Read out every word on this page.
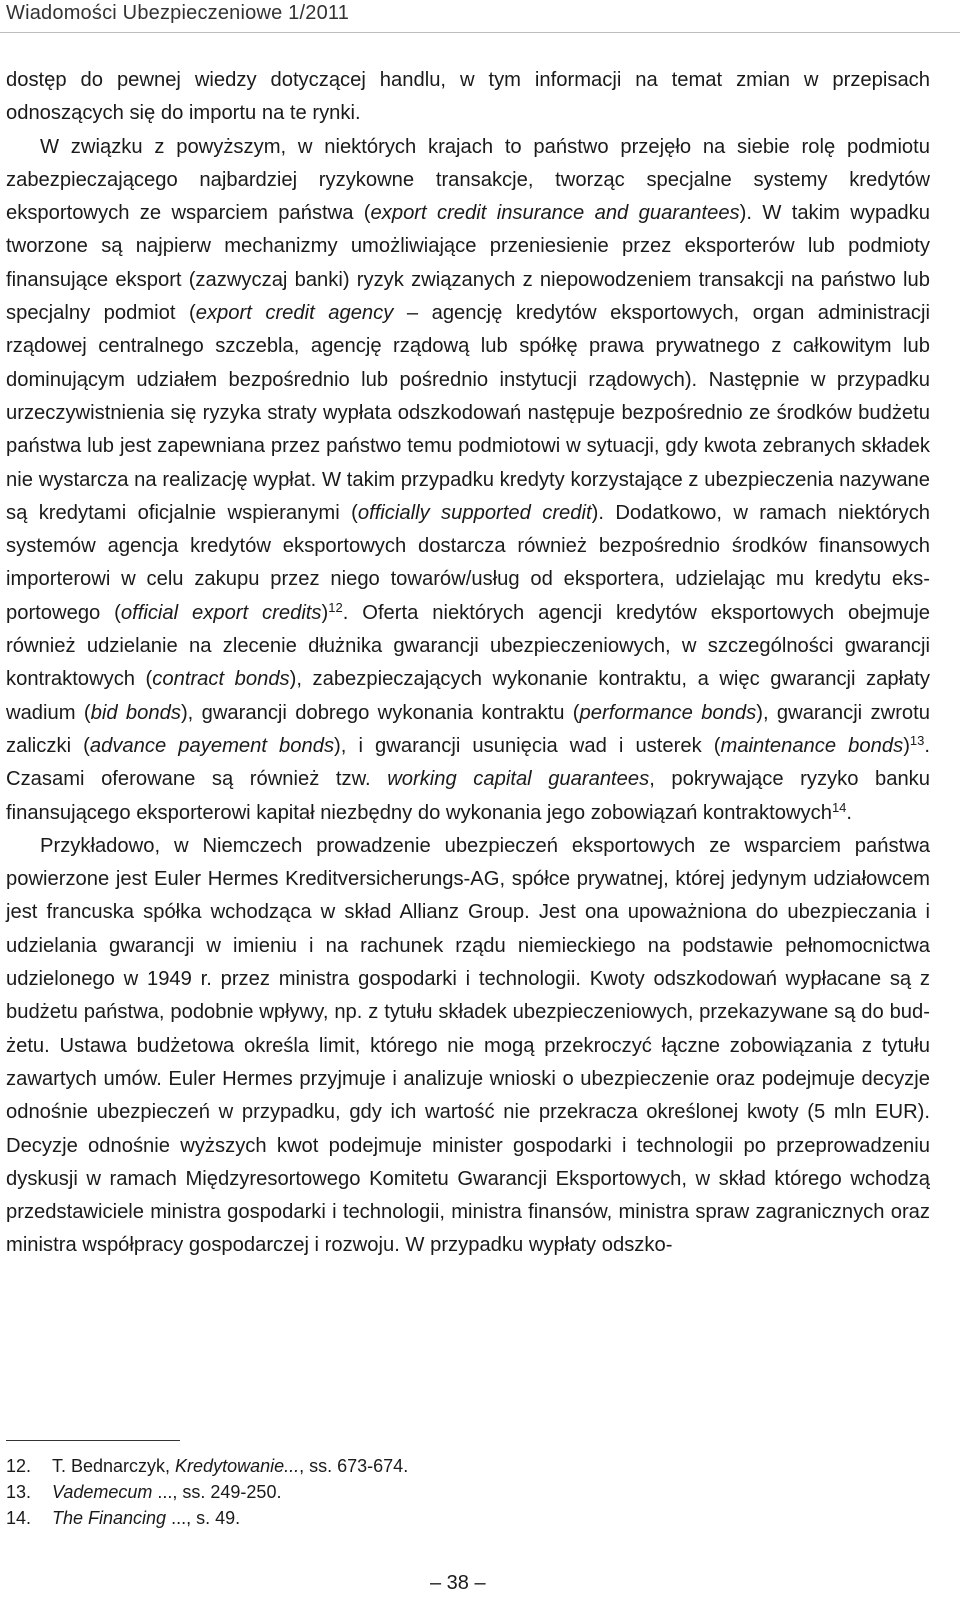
Wiadomości Ubezpieczeniowe 1/2011

dostęp do pewnej wiedzy dotyczącej handlu, w tym informacji na temat zmian w przepisach odnoszących się do importu na te rynki.

W związku z powyższym, w niektórych krajach to państwo przejęło na siebie rolę podmiotu zabezpieczającego najbardziej ryzykowne transakcje, tworząc specjalne systemy kredytów eksportowych ze wsparciem państwa (export credit insurance and guarantees). W takim wypadku tworzone są najpierw mechanizmy umożliwiające przeniesienie przez eksporterów lub podmioty finansujące eksport (zazwyczaj banki) ryzyk związanych z niepowodzeniem transakcji na państwo lub specjalny podmiot (export credit agency – agencję kredytów eksportowych, organ administracji rządowej centralnego szczebla, agencję rządową lub spółkę prawa prywatnego z całkowitym lub dominującym udziałem bezpośrednio lub pośrednio instytucji rządowych). Następnie w przypadku urzeczywistnienia się ryzyka straty wypłata odszkodowań następuje bezpośrednio ze środków budżetu państwa lub jest zapewniana przez państwo temu podmiotowi w sytuacji, gdy kwota zebranych składek nie wystarcza na realizację wypłat. W takim przypadku kredyty korzystające z ubezpieczenia nazywane są kredytami oficjalnie wspieranymi (officially supported credit). Dodatkowo, w ramach niektórych systemów agencja kredytów eksportowych dostarcza również bezpośrednio środków finansowych importerowi w celu zakupu przez niego towarów/usług od eksportera, udzielając mu kredytu eksportowego (official export credits)$^{12}$. Oferta niektórych agencji kredytów eksportowych obejmuje również udzielanie na zlecenie dłużnika gwarancji ubezpieczeniowych, w szczególności gwarancji kontraktowych (contract bonds), zabezpieczających wykonanie kontraktu, a więc gwarancji zapłaty wadium (bid bonds), gwarancji dobrego wykonania kontraktu (performance bonds), gwarancji zwrotu zaliczki (advance payement bonds), i gwarancji usunięcia wad i usterek (maintenance bonds)$^{13}$. Czasami oferowane są również tzw. working capital guarantees, pokrywające ryzyko banku finansującego eksporterowi kapitał niezbędny do wykonania jego zobowiązań kontraktowych$^{14}$.

Przykładowo, w Niemczech prowadzenie ubezpieczeń eksportowych ze wsparciem państwa powierzone jest Euler Hermes Kreditversicherungs-AG, spółce prywatnej, której jedynym udziałowcem jest francuska spółka wchodząca w skład Allianz Group. Jest ona upoważniona do ubezpieczania i udzielania gwarancji w imieniu i na rachunek rządu niemieckiego na podstawie pełnomocnictwa udzielonego w 1949 r. przez ministra gospodarki i technologii. Kwoty odszkodowań wypłacane są z budżetu państwa, podobnie wpływy, np. z tytułu składek ubezpieczeniowych, przekazywane są do budżetu. Ustawa budżetowa określa limit, którego nie mogą przekroczyć łączne zobowiązania z tytułu zawartych umów. Euler Hermes przyjmuje i analizuje wnioski o ubezpieczenie oraz podejmuje decyzje odnośnie ubezpieczeń w przypadku, gdy ich wartość nie przekracza określonej kwoty (5 mln EUR). Decyzje odnośnie wyższych kwot podejmuje minister gospodarki i technologii po przeprowadzeniu dyskusji w ramach Międzyresortowego Komitetu Gwarancji Eksportowych, w skład którego wchodzą przedstawiciele ministra gospodarki i technologii, ministra finansów, ministra spraw zagranicznych oraz ministra współpracy gospodarczej i rozwoju. W przypadku wypłaty odszko-

12.	T. Bednarczyk, Kredytowanie..., ss. 673-674.
13.	Vademecum ..., ss. 249-250.
14.	The Financing ..., s. 49.
– 38 –
